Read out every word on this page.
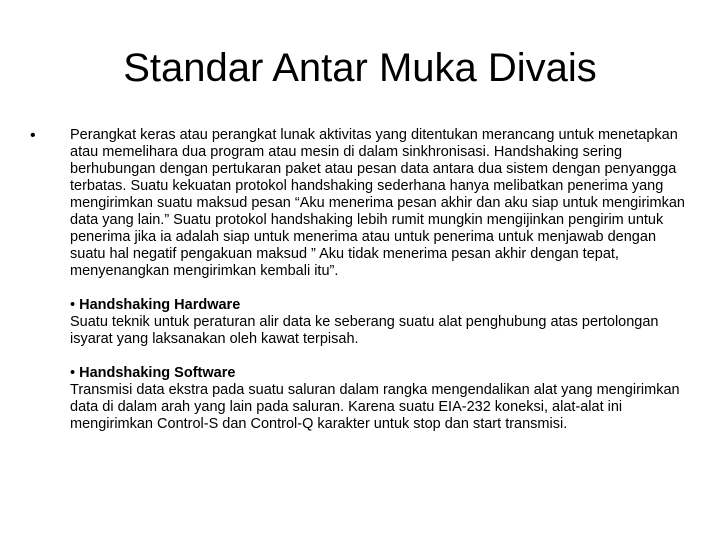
Standar Antar Muka Divais
•	Perangkat keras atau perangkat lunak aktivitas yang ditentukan merancang untuk menetapkan atau memelihara dua program atau mesin di dalam sinkhronisasi. Handshaking sering berhubungan dengan pertukaran paket atau pesan data antara dua sistem dengan penyangga terbatas. Suatu kekuatan protokol handshaking sederhana hanya melibatkan penerima yang mengirimkan suatu maksud pesan “Aku menerima pesan akhir dan aku siap untuk mengirimkan data yang lain.” Suatu protokol handshaking lebih rumit mungkin mengijinkan pengirim untuk penerima jika ia adalah siap untuk menerima atau untuk penerima untuk menjawab dengan suatu hal negatif pengakuan maksud ” Aku tidak menerima pesan akhir dengan tepat, menyenangkan mengirimkan kembali itu”.

• Handshaking Hardware

Suatu teknik untuk peraturan alir data ke seberang suatu alat penghubung atas pertolongan isyarat yang laksanakan oleh kawat terpisah.

• Handshaking Software

Transmisi data ekstra pada suatu saluran dalam rangka mengendalikan alat yang mengirimkan data di dalam arah yang lain pada saluran. Karena suatu EIA-232 koneksi, alat-alat ini mengirimkan Control-S dan Control-Q karakter untuk stop dan start transmisi.
